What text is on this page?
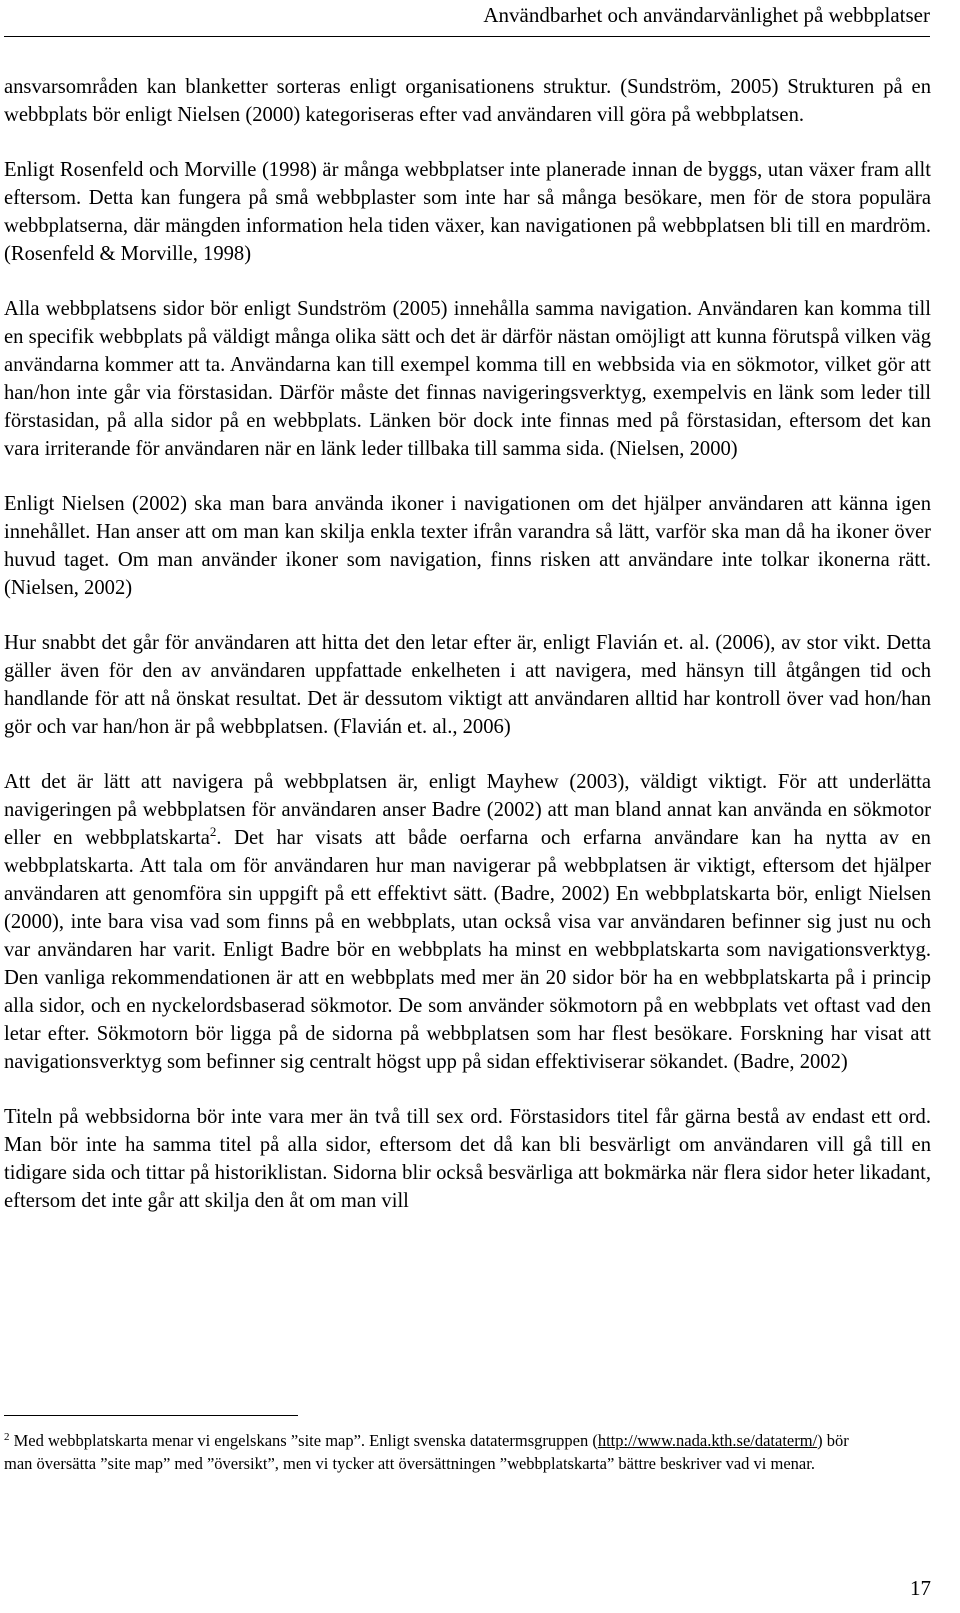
Användbarhet och användarvänlighet på webbplatser

ansvarsområden kan blanketter sorteras enligt organisationens struktur. (Sundström, 2005) Strukturen på en webbplats bör enligt Nielsen (2000) kategoriseras efter vad användaren vill göra på webbplatsen.

Enligt Rosenfeld och Morville (1998) är många webbplatser inte planerade innan de byggs, utan växer fram allt eftersom. Detta kan fungera på små webbplaster som inte har så många besökare, men för de stora populära webbplatserna, där mängden information hela tiden växer, kan navigationen på webbplatsen bli till en mardröm. (Rosenfeld & Morville, 1998)

Alla webbplatsens sidor bör enligt Sundström (2005) innehålla samma navigation. Användaren kan komma till en specifik webbplats på väldigt många olika sätt och det är därför nästan omöjligt att kunna förutspå vilken väg användarna kommer att ta. Användarna kan till exempel komma till en webbsida via en sökmotor, vilket gör att han/hon inte går via förstasidan. Därför måste det finnas navigeringsverktyg, exempelvis en länk som leder till förstasidan, på alla sidor på en webbplats. Länken bör dock inte finnas med på förstasidan, eftersom det kan vara irriterande för användaren när en länk leder tillbaka till samma sida. (Nielsen, 2000)

Enligt Nielsen (2002) ska man bara använda ikoner i navigationen om det hjälper användaren att känna igen innehållet. Han anser att om man kan skilja enkla texter ifrån varandra så lätt, varför ska man då ha ikoner över huvud taget. Om man använder ikoner som navigation, finns risken att användare inte tolkar ikonerna rätt. (Nielsen, 2002)

Hur snabbt det går för användaren att hitta det den letar efter är, enligt Flavián et. al. (2006), av stor vikt. Detta gäller även för den av användaren uppfattade enkelheten i att navigera, med hänsyn till åtgången tid och handlande för att nå önskat resultat. Det är dessutom viktigt att användaren alltid har kontroll över vad hon/han gör och var han/hon är på webbplatsen. (Flavián et. al., 2006)

Att det är lätt att navigera på webbplatsen är, enligt Mayhew (2003), väldigt viktigt. För att underlätta navigeringen på webbplatsen för användaren anser Badre (2002) att man bland annat kan använda en sökmotor eller en webbplatskarta$^2$. Det har visats att både oerfarna och erfarna användare kan ha nytta av en webbplatskarta. Att tala om för användaren hur man navigerar på webbplatsen är viktigt, eftersom det hjälper användaren att genomföra sin uppgift på ett effektivt sätt. (Badre, 2002) En webbplatskarta bör, enligt Nielsen (2000), inte bara visa vad som finns på en webbplats, utan också visa var användaren befinner sig just nu och var användaren har varit. Enligt Badre bör en webbplats ha minst en webbplatskarta som navigationsverktyg. Den vanliga rekommendationen är att en webbplats med mer än 20 sidor bör ha en webbplatskarta på i princip alla sidor, och en nyckelordsbaserad sökmotor. De som använder sökmotorn på en webbplats vet oftast vad den letar efter. Sökmotorn bör ligga på de sidorna på webbplatsen som har flest besökare. Forskning har visat att navigationsverktyg som befinner sig centralt högst upp på sidan effektiviserar sökandet. (Badre, 2002)

Titeln på webbsidorna bör inte vara mer än två till sex ord. Förstasidors titel får gärna bestå av endast ett ord. Man bör inte ha samma titel på alla sidor, eftersom det då kan bli besvärligt om användaren vill gå till en tidigare sida och tittar på historiklistan. Sidorna blir också besvärliga att bokmärka när flera sidor heter likadant, eftersom det inte går att skilja den åt om man vill

$^2$ Med webbplatskarta menar vi engelskans ”site map”. Enligt svenska datatermsgruppen (http://www.nada.kth.se/dataterm/) bör man översätta ”site map” med ”översikt”, men vi tycker att översättningen ”webbplatskarta” bättre beskriver vad vi menar.
17
